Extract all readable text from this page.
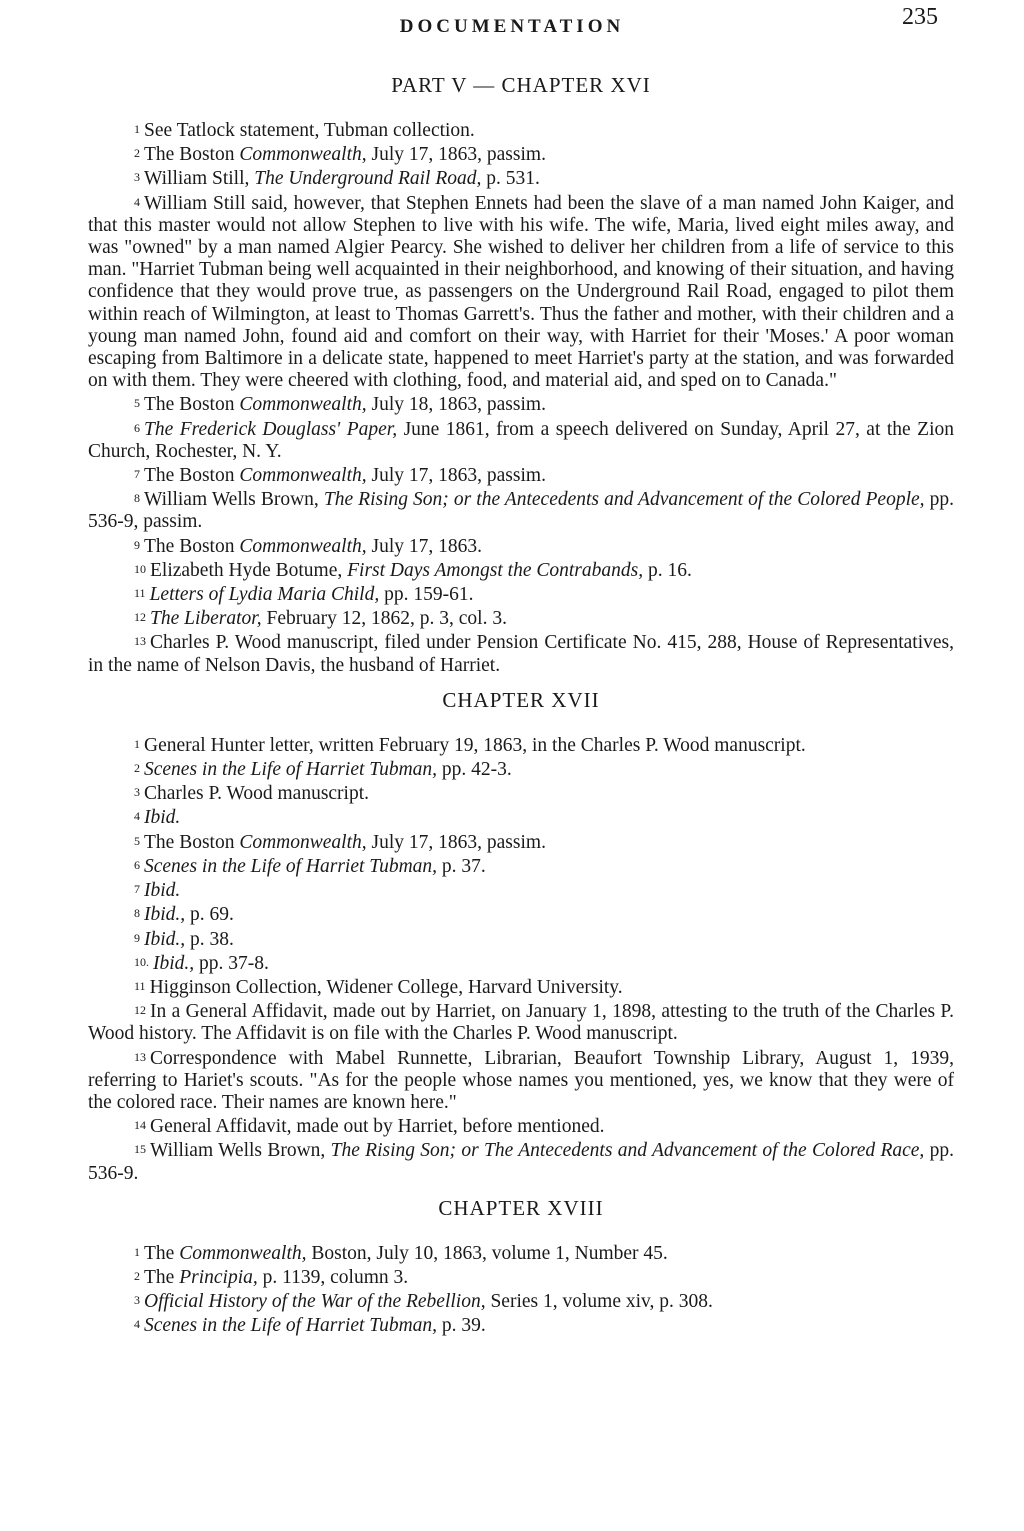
DOCUMENTATION	235
PART V — CHAPTER XVI

1 See Tatlock statement, Tubman collection.

2 The Boston Commonwealth, July 17, 1863, passim.

3 William Still, The Underground Rail Road, p. 531.

4 William Still said, however, that Stephen Ennets had been the slave of a man named John Kaiger, and that this master would not allow Stephen to live with his wife. The wife, Maria, lived eight miles away, and was "owned" by a man named Algier Pearcy. She wished to deliver her children from a life of service to this man. "Harriet Tubman being well acquainted in their neighborhood, and knowing of their situation, and having confidence that they would prove true, as passengers on the Underground Rail Road, engaged to pilot them within reach of Wilmington, at least to Thomas Garrett's. Thus the father and mother, with their children and a young man named John, found aid and comfort on their way, with Harriet for their 'Moses.' A poor woman escaping from Baltimore in a delicate state, happened to meet Harriet's party at the station, and was forwarded on with them. They were cheered with clothing, food, and material aid, and sped on to Canada."

5 The Boston Commonwealth, July 18, 1863, passim.

6 The Frederick Douglass' Paper, June 1861, from a speech delivered on Sunday, April 27, at the Zion Church, Rochester, N. Y.

7 The Boston Commonwealth, July 17, 1863, passim.

8 William Wells Brown, The Rising Son; or the Antecedents and Advancement of the Colored People, pp. 536-9, passim.

9 The Boston Commonwealth, July 17, 1863.

10 Elizabeth Hyde Botume, First Days Amongst the Contrabands, p. 16.

11 Letters of Lydia Maria Child, pp. 159-61.

12 The Liberator, February 12, 1862, p. 3, col. 3.

13 Charles P. Wood manuscript, filed under Pension Certificate No. 415, 288, House of Representatives, in the name of Nelson Davis, the husband of Harriet.

CHAPTER XVII

1 General Hunter letter, written February 19, 1863, in the Charles P. Wood manuscript.

2 Scenes in the Life of Harriet Tubman, pp. 42-3.

3 Charles P. Wood manuscript.

4 Ibid.

5 The Boston Commonwealth, July 17, 1863, passim.

6 Scenes in the Life of Harriet Tubman, p. 37.

7 Ibid.

8 Ibid., p. 69.

9 Ibid., p. 38.

10. Ibid., pp. 37-8.

11 Higginson Collection, Widener College, Harvard University.

12 In a General Affidavit, made out by Harriet, on January 1, 1898, attesting to the truth of the Charles P. Wood history. The Affidavit is on file with the Charles P. Wood manuscript.

13 Correspondence with Mabel Runnette, Librarian, Beaufort Township Library, August 1, 1939, referring to Hariet's scouts. "As for the people whose names you mentioned, yes, we know that they were of the colored race. Their names are known here."

14 General Affidavit, made out by Harriet, before mentioned.

15 William Wells Brown, The Rising Son; or The Antecedents and Advancement of the Colored Race, pp. 536-9.

CHAPTER XVIII

1 The Commonwealth, Boston, July 10, 1863, volume 1, Number 45.

2 The Principia, p. 1139, column 3.

3 Official History of the War of the Rebellion, Series 1, volume xiv, p. 308.

4 Scenes in the Life of Harriet Tubman, p. 39.
